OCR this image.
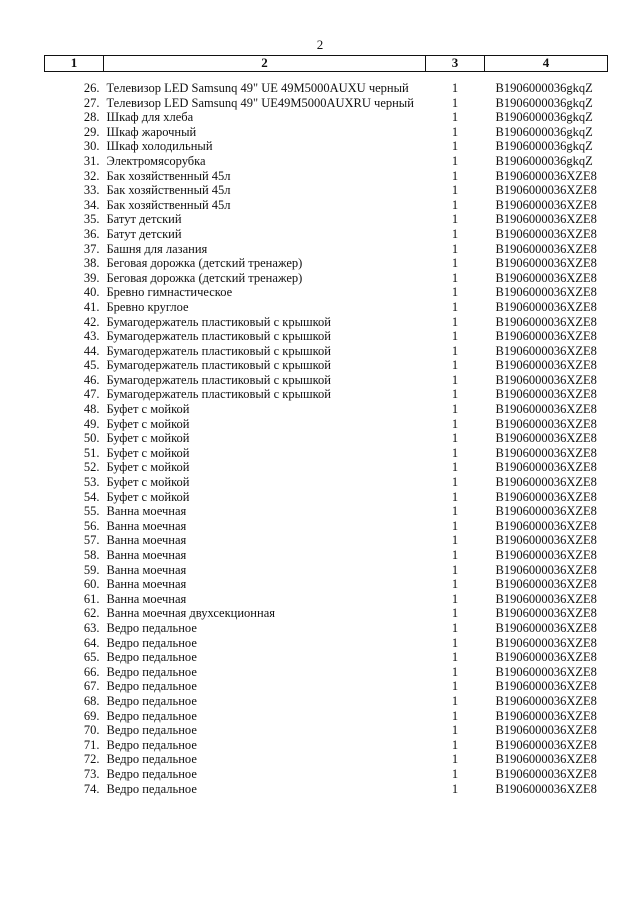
2
1	2	3	4
26.	Телевизор LED Samsunq 49" UE 49M5000AUXU черный	1	B1906000036gkqZ
27.	Телевизор LED Samsunq 49" UE49M5000AUXRU черный	1	B1906000036gkqZ
28.	Шкаф для хлеба	1	B1906000036gkqZ
29.	Шкаф жарочный	1	B1906000036gkqZ
30.	Шкаф холодильный	1	B1906000036gkqZ
31.	Электромясорубка	1	B1906000036gkqZ
32.	Бак хозяйственный 45л	1	B1906000036XZE8
33.	Бак хозяйственный 45л	1	B1906000036XZE8
34.	Бак хозяйственный 45л	1	B1906000036XZE8
35.	Батут детский	1	B1906000036XZE8
36.	Батут детский	1	B1906000036XZE8
37.	Башня для лазания	1	B1906000036XZE8
38.	Беговая дорожка (детский тренажер)	1	B1906000036XZE8
39.	Беговая дорожка (детский тренажер)	1	B1906000036XZE8
40.	Бревно гимнастическое	1	B1906000036XZE8
41.	Бревно круглое	1	B1906000036XZE8
42.	Бумагодержатель пластиковый с крышкой	1	B1906000036XZE8
43.	Бумагодержатель пластиковый с крышкой	1	B1906000036XZE8
44.	Бумагодержатель пластиковый с крышкой	1	B1906000036XZE8
45.	Бумагодержатель пластиковый с крышкой	1	B1906000036XZE8
46.	Бумагодержатель пластиковый с крышкой	1	B1906000036XZE8
47.	Бумагодержатель пластиковый с крышкой	1	B1906000036XZE8
48.	Буфет с мойкой	1	B1906000036XZE8
49.	Буфет с мойкой	1	B1906000036XZE8
50.	Буфет с мойкой	1	B1906000036XZE8
51.	Буфет с мойкой	1	B1906000036XZE8
52.	Буфет с мойкой	1	B1906000036XZE8
53.	Буфет с мойкой	1	B1906000036XZE8
54.	Буфет с мойкой	1	B1906000036XZE8
55.	Ванна моечная	1	B1906000036XZE8
56.	Ванна моечная	1	B1906000036XZE8
57.	Ванна моечная	1	B1906000036XZE8
58.	Ванна моечная	1	B1906000036XZE8
59.	Ванна моечная	1	B1906000036XZE8
60.	Ванна моечная	1	B1906000036XZE8
61.	Ванна моечная	1	B1906000036XZE8
62.	Ванна моечная двухсекционная	1	B1906000036XZE8
63.	Ведро педальное	1	B1906000036XZE8
64.	Ведро педальное	1	B1906000036XZE8
65.	Ведро педальное	1	B1906000036XZE8
66.	Ведро педальное	1	B1906000036XZE8
67.	Ведро педальное	1	B1906000036XZE8
68.	Ведро педальное	1	B1906000036XZE8
69.	Ведро педальное	1	B1906000036XZE8
70.	Ведро педальное	1	B1906000036XZE8
71.	Ведро педальное	1	B1906000036XZE8
72.	Ведро педальное	1	B1906000036XZE8
73.	Ведро педальное	1	B1906000036XZE8
74.	Ведро педальное	1	B1906000036XZE8
